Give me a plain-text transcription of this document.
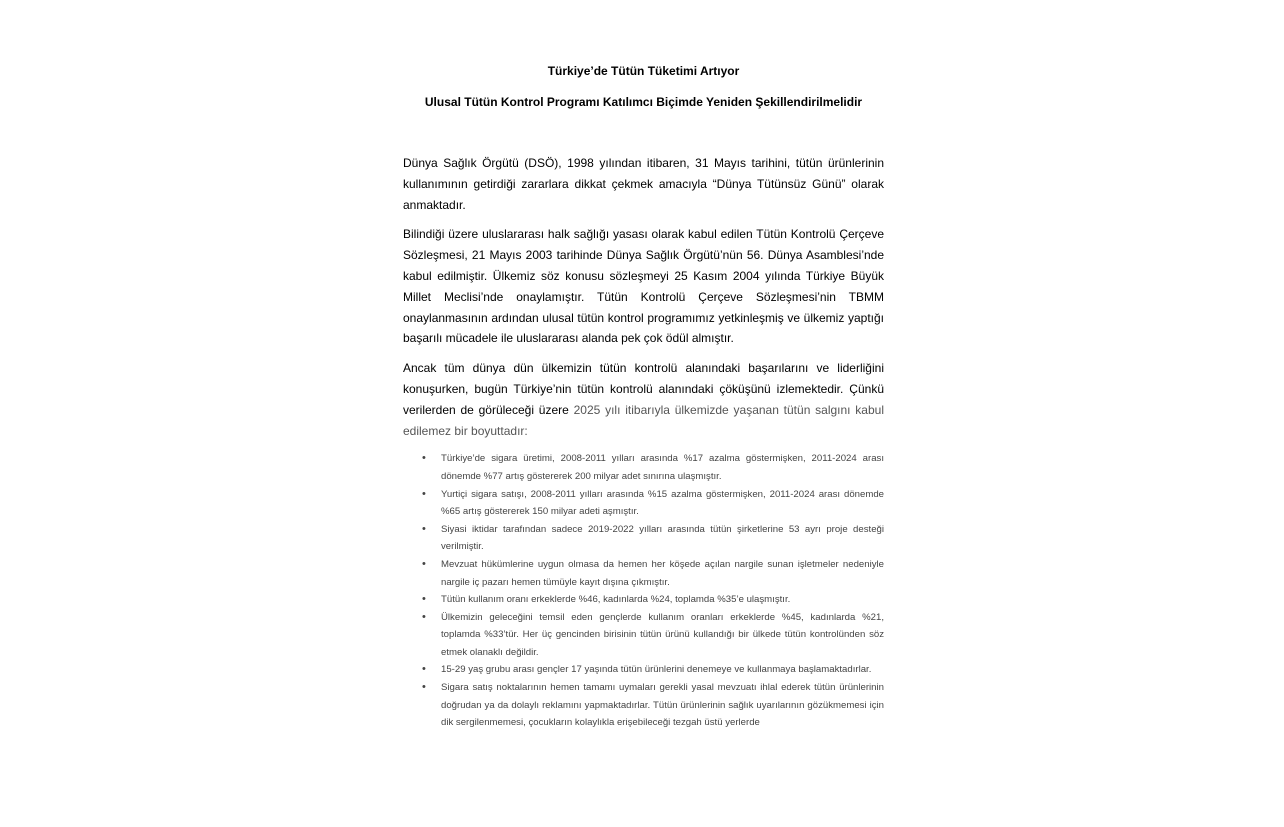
Türkiye’de Tütün Tüketimi Artıyor
Ulusal Tütün Kontrol Programı Katılımcı Biçimde Yeniden Şekillendirilmelidir

Dünya Sağlık Örgütü (DSÖ), 1998 yılından itibaren, 31 Mayıs tarihini, tütün ürünlerinin kullanımının getirdiği zararlara dikkat çekmek amacıyla “Dünya Tütünsüz Günü” olarak anmaktadır.

Bilindiği üzere uluslararası halk sağlığı yasası olarak kabul edilen Tütün Kontrolü Çerçeve Sözleşmesi, 21 Mayıs 2003 tarihinde Dünya Sağlık Örgütü’nün 56. Dünya Asamblesi’nde kabul edilmiştir. Ülkemiz söz konusu sözleşmeyi 25 Kasım 2004 yılında Türkiye Büyük Millet Meclisi’nde onaylamıştır. Tütün Kontrolü Çerçeve Sözleşmesi’nin TBMM onaylanmasının ardından ulusal tütün kontrol programımız yetkinleşmiş ve ülkemiz yaptığı başarılı mücadele ile uluslararası alanda pek çok ödül almıştır.

Ancak tüm dünya dün ülkemizin tütün kontrolü alanındaki başarılarını ve liderliğini konuşurken, bugün Türkiye’nin tütün kontrolü alanındaki çöküşünü izlemektedir. Çünkü verilerden de görüleceği üzere 2025 yılı itibarıyla ülkemizde yaşanan tütün salgını kabul edilemez bir boyuttadır:

• Türkiye’de sigara üretimi, 2008-2011 yılları arasında %17 azalma göstermişken, 2011-2024 arası dönemde %77 artış göstererek 200 milyar adet sınırına ulaşmıştır.
• Yurtiçi sigara satışı, 2008-2011 yılları arasında %15 azalma göstermişken, 2011-2024 arası dönemde %65 artış göstererek 150 milyar adeti aşmıştır.
• Siyasi iktidar tarafından sadece 2019-2022 yılları arasında tütün şirketlerine 53 ayrı proje desteği verilmiştir.
• Mevzuat hükümlerine uygun olmasa da hemen her köşede açılan nargile sunan işletmeler nedeniyle nargile iç pazarı hemen tümüyle kayıt dışına çıkmıştır.
• Tütün kullanım oranı erkeklerde %46, kadınlarda %24, toplamda %35’e ulaşmıştır.
• Ülkemizin geleceğini temsil eden gençlerde kullanım oranları erkeklerde %45, kadınlarda %21, toplamda %33’tür. Her üç gencinden birisinin tütün ürünü kullandığı bir ülkede tütün kontrolünden söz etmek olanaklı değildir.
• 15-29 yaş grubu arası gençler 17 yaşında tütün ürünlerini denemeye ve kullanmaya başlamaktadırlar.
• Sigara satış noktalarının hemen tamamı uymaları gerekli yasal mevzuatı ihlal ederek tütün ürünlerinin doğrudan ya da dolaylı reklamını yapmaktadırlar. Tütün ürünlerinin sağlık uyarılarının gözükmemesi için dik sergilenmemesi, çocukların kolaylıkla erişebileceği tezgah üstü yerlerde
